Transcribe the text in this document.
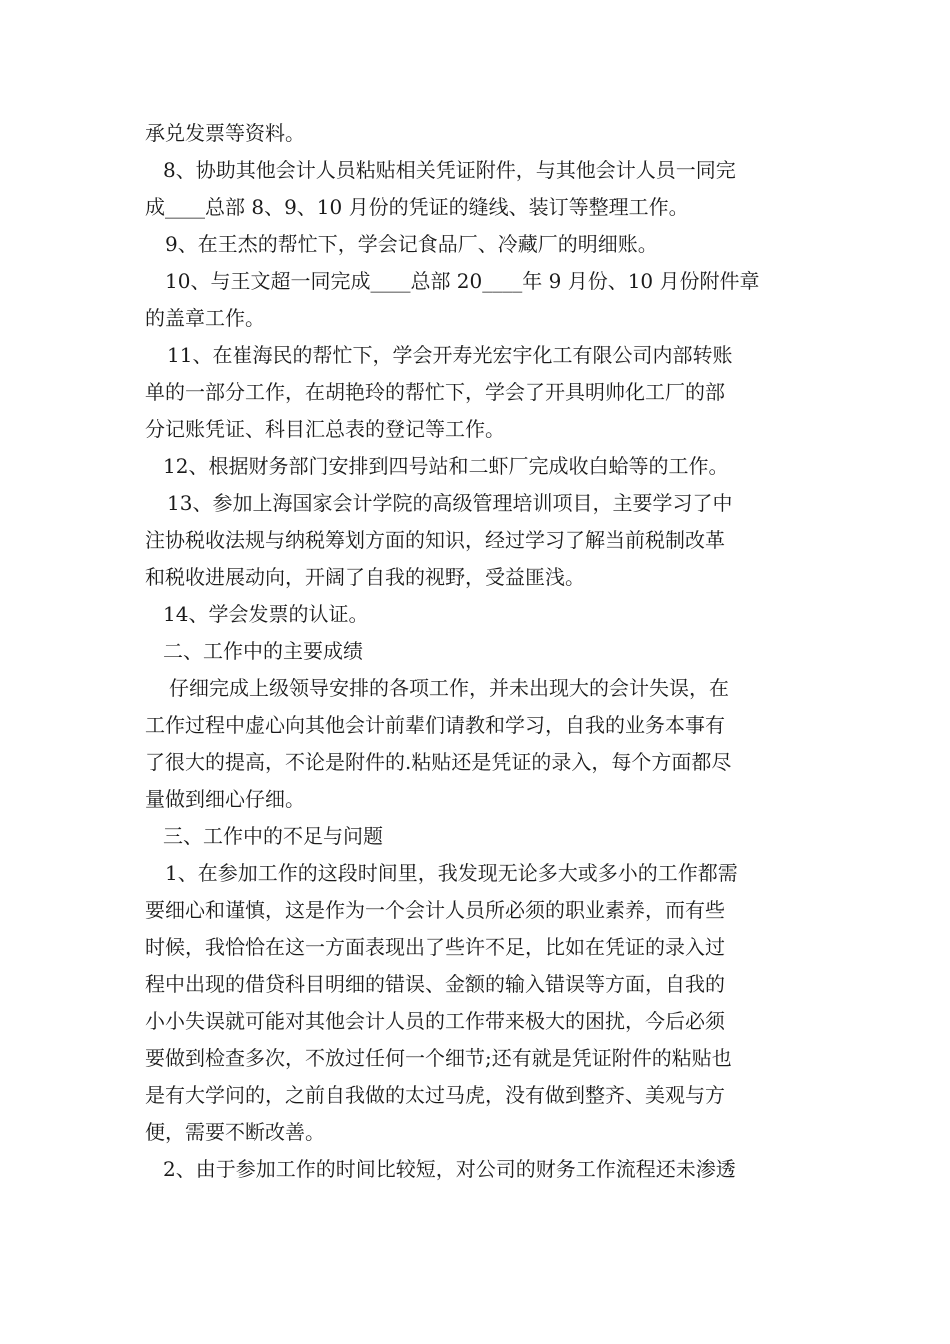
承兑发票等资料。
8、协助其他会计人员粘贴相关凭证附件，与其他会计人员一同完
成____总部 8、9、10 月份的凭证的缝线、装订等整理工作。
9、在王杰的帮忙下，学会记食品厂、冷藏厂的明细账。
10、与王文超一同完成____总部 20____年 9 月份、10 月份附件章
的盖章工作。
11、在崔海民的帮忙下，学会开寿光宏宇化工有限公司内部转账
单的一部分工作，在胡艳玲的帮忙下，学会了开具明帅化工厂的部
分记账凭证、科目汇总表的登记等工作。
12、根据财务部门安排到四号站和二虾厂完成收白蛤等的工作。
13、参加上海国家会计学院的高级管理培训项目，主要学习了中
注协税收法规与纳税筹划方面的知识，经过学习了解当前税制改革
和税收进展动向，开阔了自我的视野，受益匪浅。
14、学会发票的认证。
二、工作中的主要成绩
仔细完成上级领导安排的各项工作，并未出现大的会计失误，在
工作过程中虚心向其他会计前辈们请教和学习，自我的业务本事有
了很大的提高，不论是附件的.粘贴还是凭证的录入，每个方面都尽
量做到细心仔细。
三、工作中的不足与问题
1、在参加工作的这段时间里，我发现无论多大或多小的工作都需
要细心和谨慎，这是作为一个会计人员所必须的职业素养，而有些
时候，我恰恰在这一方面表现出了些许不足，比如在凭证的录入过
程中出现的借贷科目明细的错误、金额的输入错误等方面，自我的
小小失误就可能对其他会计人员的工作带来极大的困扰，今后必须
要做到检查多次，不放过任何一个细节;还有就是凭证附件的粘贴也
是有大学问的，之前自我做的太过马虎，没有做到整齐、美观与方
便，需要不断改善。
2、由于参加工作的时间比较短，对公司的财务工作流程还未渗透
